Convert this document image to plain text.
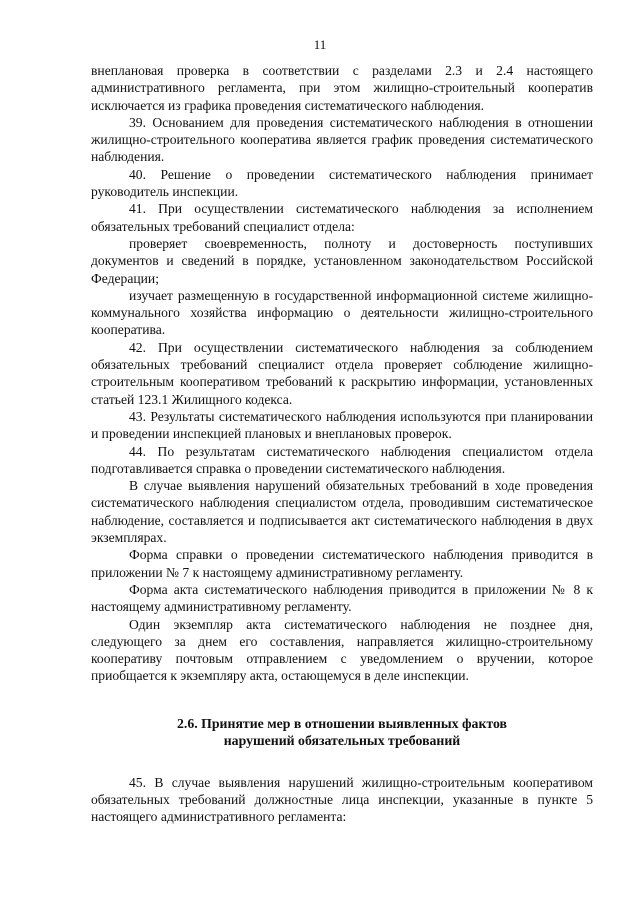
11

внеплановая проверка в соответствии с разделами 2.3 и 2.4 настоящего административного регламента, при этом жилищно-строительный кооператив исключается из графика проведения систематического наблюдения.

39. Основанием для проведения систематического наблюдения в отношении жилищно-строительного кооператива является график проведения систематического наблюдения.

40. Решение о проведении систематического наблюдения принимает руководитель инспекции.

41. При осуществлении систематического наблюдения за исполнением обязательных требований специалист отдела:

проверяет своевременность, полноту и достоверность поступивших документов и сведений в порядке, установленном законодательством Российской Федерации;

изучает размещенную в государственной информационной системе жилищно-коммунального хозяйства информацию о деятельности жилищно-строительного кооператива.

42. При осуществлении систематического наблюдения за соблюдением обязательных требований специалист отдела проверяет соблюдение жилищно-строительным кооперативом требований к раскрытию информации, установленных статьей 123.1 Жилищного кодекса.

43. Результаты систематического наблюдения используются при планировании и проведении инспекцией плановых и внеплановых проверок.

44. По результатам систематического наблюдения специалистом отдела подготавливается справка о проведении систематического наблюдения.

В случае выявления нарушений обязательных требований в ходе проведения систематического наблюдения специалистом отдела, проводившим систематическое наблюдение, составляется и подписывается акт систематического наблюдения в двух экземплярах.

Форма справки о проведении систематического наблюдения приводится в приложении № 7 к настоящему административному регламенту.

Форма акта систематического наблюдения приводится в приложении № 8 к настоящему административному регламенту.

Один экземпляр акта систематического наблюдения не позднее дня, следующего за днем его составления, направляется жилищно-строительному кооперативу почтовым отправлением с уведомлением о вручении, которое приобщается к экземпляру акта, остающемуся в деле инспекции.

2.6. Принятие мер в отношении выявленных фактов
нарушений обязательных требований

45. В случае выявления нарушений жилищно-строительным кооперативом обязательных требований должностные лица инспекции, указанные в пункте 5 настоящего административного регламента:
